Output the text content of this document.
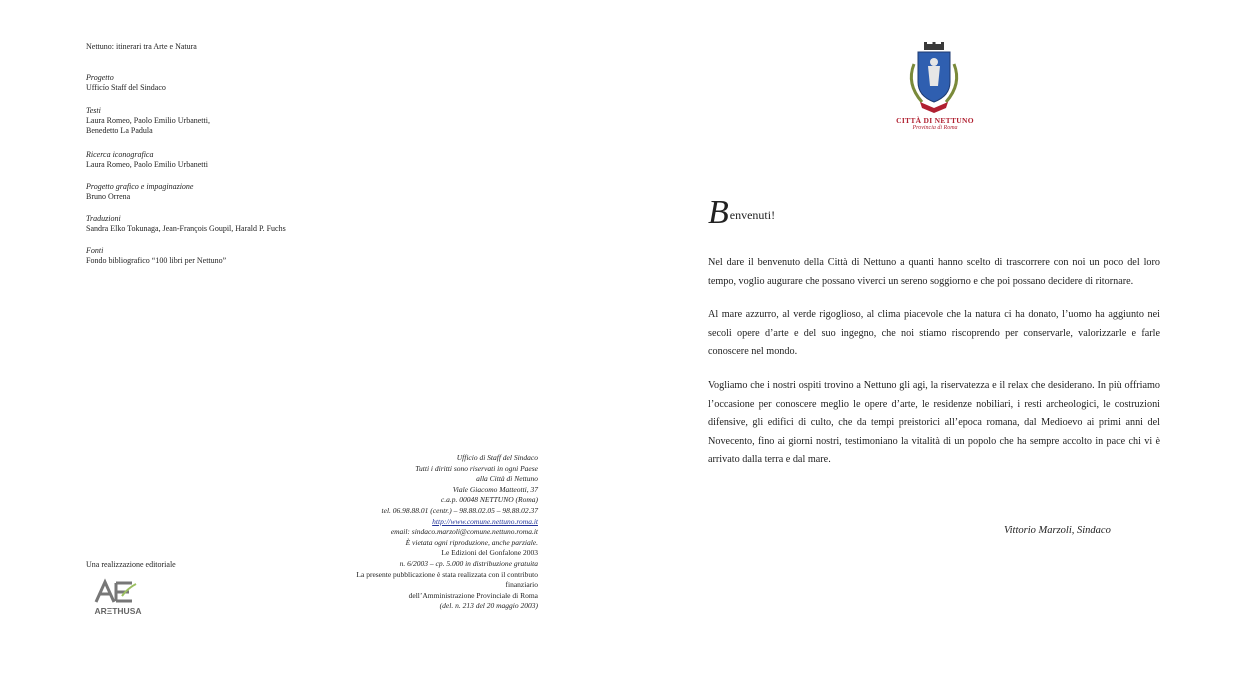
Nettuno: itinerari tra Arte e Natura
Progetto
Ufficío Staff del Sindaco
Testi
Laura Romeo, Paolo Emilio Urbanetti, Benedetto La Padula
Ricerca iconografica
Laura Romeo, Paolo Emilio Urbanetti
Progetto grafico e impaginazione
Bruno Orrena
Traduzioni
Sandra Elko Tokunaga, Jean-François Goupil, Harald P. Fuchs
Fonti
Fondo bibliografico “100 libri per Nettuno”
Ufficio di Staff del Sindaco
Tutti i diritti sono riservati in ogni Paese
alla Città di Nettuno
Viale Giacomo Matteotti, 37
c.a.p. 00048 NETTUNO (Roma)
tel. 06.98.88.01 (centr.) – 98.88.02.05 – 98.88.02.37
http://www.comune.nettuno.roma.it
email: sindaco.marzoli@comune.nettuno.roma.it
È vietata ogni riproduzione, anche parziale.
Le Edizioni del Gonfalone 2003
n. 6/2003 – cp. 5.000 in distribuzione gratuita
La presente pubblicazione è stata realizzata con il contributo
finanziario
dell’Amministrazione Provinciale di Roma
(del. n. 213 del 20 maggio 2003)
Una realizzazione editoriale
ARΞTHUSA
CITTÀ DI NETTUNO
Provincia di Roma
Benvenuti!
Nel dare il benvenuto della Città di Nettuno a quanti hanno scelto di trascorrere con noi un poco del loro tempo, voglio augurare che possano viverci un sereno soggiorno e che poi possano decidere di ritornare.
Al mare azzurro, al verde rigoglioso, al clima piacevole che la natura ci ha donato, l’uomo ha aggiunto nei secoli opere d’arte e del suo ingegno, che noi stiamo riscoprendo per conservarle, valorizzarle e farle conoscere nel mondo.
Vogliamo che i nostri ospiti trovino a Nettuno gli agi, la riservatezza e il relax che desiderano. In più offriamo l’occasione per conoscere meglio le opere d’arte, le residenze nobiliari, i resti archeologici, le costruzioni difensive, gli edifici di culto, che da tempi preistorici all’epoca romana, dal Medioevo ai primi anni del Novecento, fino ai giorni nostri, testimoniano la vitalità di un popolo che ha sempre accolto in pace chi vi è arrivato dalla terra e dal mare.
Vittorio Marzoli, Sindaco
